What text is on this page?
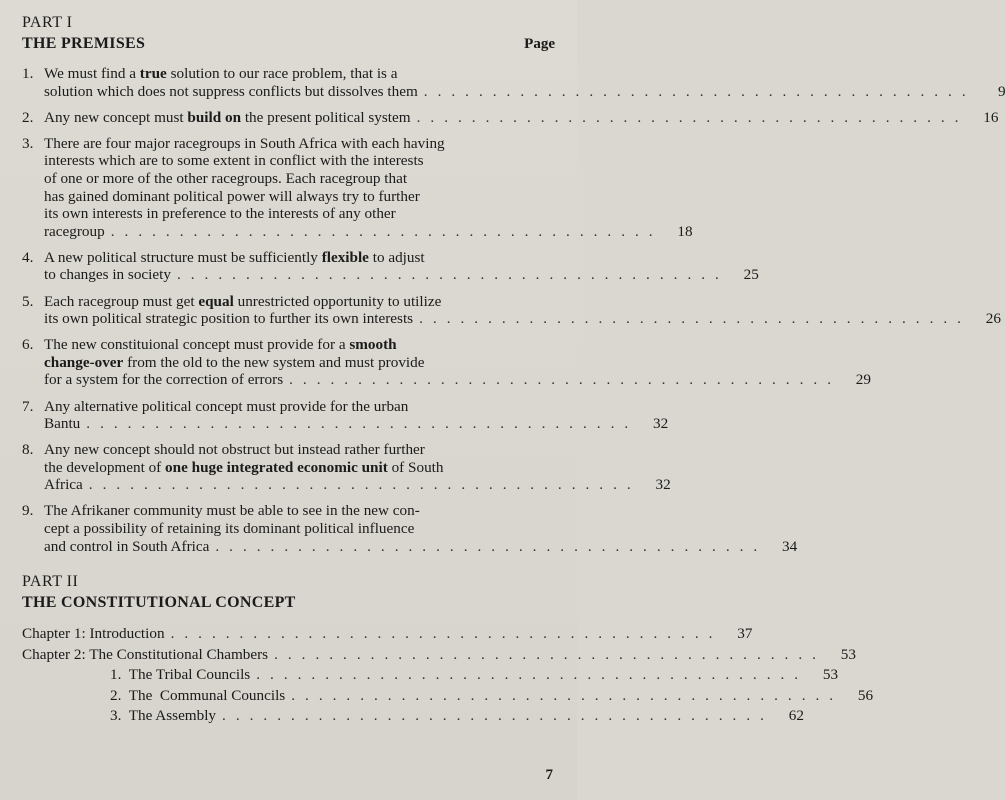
PART I
THE PREMISES	Page
1. We must find a true solution to our race problem, that is a
solution which does not suppress conflicts but dissolves them ........................................	9
2. Any new concept must build on the present political system ........................................ 16
3. There are four major racegroups in South Africa with each having
interests which are to some extent in conflict with the interests
of one or more of the other racegroups. Each racegroup that
has gained dominant political power will always try to further
its own interests in preference to the interests of any other
racegroup ........................................ 18
4. A new political structure must be sufficiently flexible to adjust
to changes in society ........................................ 25
5. Each racegroup must get equal unrestricted opportunity to utilize
its own political strategic position to further its own interests ........................................ 26
6. The new constituional concept must provide for a smooth
change-over from the old to the new system and must provide
for a system for the correction of errors ........................................ 29
7. Any alternative political concept must provide for the urban
Bantu ........................................ 32
8. Any new concept should not obstruct but instead rather further
the development of one huge integrated economic unit of South
Africa ........................................ 32
9. The Afrikaner community must be able to see in the new con-
cept a possibility of retaining its dominant political influence
and control in South Africa ........................................ 34
PART II
THE CONSTITUTIONAL CONCEPT
Chapter 1: Introduction ........................................ 37
Chapter 2: The Constitutional Chambers ........................................ 53
1.  The Tribal Councils ........................................ 53
2.  The  Communal Councils ........................................ 56
3.  The Assembly ........................................ 62
7
